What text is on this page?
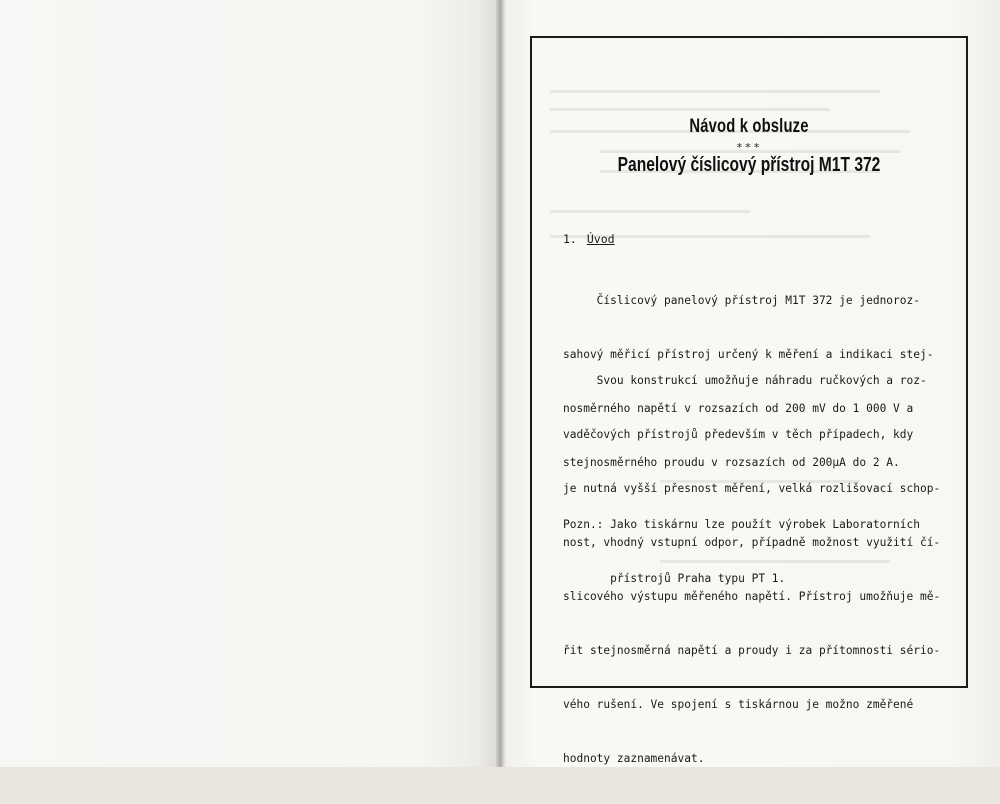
Návod k obsluze
***
Panelový číslicový přístroj M1T 372
1. Úvod

Číslicový panelový přístroj M1T 372 je jednoroz-

sahový měřicí přístroj určený k měření a indikaci stej-

nosměrného napětí v rozsazích od 200 mV do 1 000 V a

stejnosměrného proudu v rozsazích od 200µA do 2 A.

Svou konstrukcí umožňuje náhradu ručkových a roz-

vaděčových přístrojů především v těch případech, kdy

je nutná vyšší přesnost měření, velká rozlišovací schop-

nost, vhodný vstupní odpor, případně možnost využití čí-

slicového výstupu měřeného napětí. Přístroj umožňuje mě-

řit stejnosměrná napětí a proudy i za přítomnosti sério-

vého rušení. Ve spojení s tiskárnou je možno změřené

hodnoty zaznamenávat.

Pozn.: Jako tiskárnu lze použít výrobek Laboratorních

přístrojů Praha typu PT 1.
